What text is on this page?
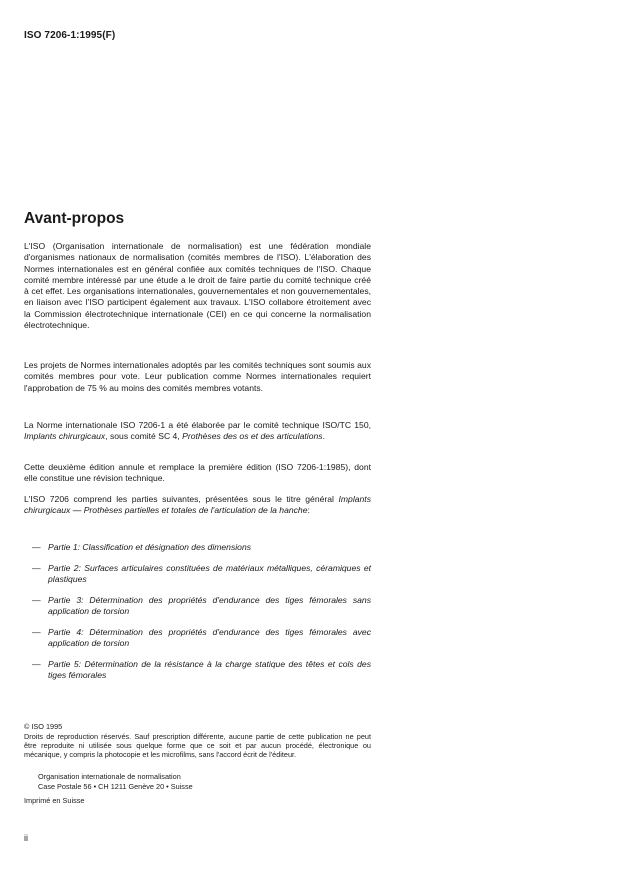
ISO 7206-1:1995(F)
Avant-propos

L'ISO (Organisation internationale de normalisation) est une fédération mondiale d'organismes nationaux de normalisation (comités membres de l'ISO). L'élaboration des Normes internationales est en général confiée aux comités techniques de l'ISO. Chaque comité membre intéressé par une étude a le droit de faire partie du comité technique créé à cet effet. Les organisations internationales, gouvernementales et non gouvernementales, en liaison avec l'ISO participent également aux travaux. L'ISO collabore étroitement avec la Commission électrotechnique internationale (CEI) en ce qui concerne la normalisation électrotechnique.

Les projets de Normes internationales adoptés par les comités techniques sont soumis aux comités membres pour vote. Leur publication comme Normes internationales requiert l'approbation de 75 % au moins des comités membres votants.

La Norme internationale ISO 7206-1 a été élaborée par le comité technique ISO/TC 150, Implants chirurgicaux, sous comité SC 4, Prothèses des os et des articulations.

Cette deuxième édition annule et remplace la première édition (ISO 7206-1:1985), dont elle constitue une révision technique.

L'ISO 7206 comprend les parties suivantes, présentées sous le titre général Implants chirurgicaux — Prothèses partielles et totales de l'articulation de la hanche:

— Partie 1: Classification et désignation des dimensions
— Partie 2: Surfaces articulaires constituées de matériaux métalliques, céramiques et plastiques
— Partie 3: Détermination des propriétés d'endurance des tiges fémorales sans application de torsion
— Partie 4: Détermination des propriétés d'endurance des tiges fémorales avec application de torsion
— Partie 5: Détermination de la résistance à la charge statique des têtes et cols des tiges fémorales
© ISO 1995
Droits de reproduction réservés. Sauf prescription différente, aucune partie de cette publication ne peut être reproduite ni utilisée sous quelque forme que ce soit et par aucun procédé, électronique ou mécanique, y compris la photocopie et les microfilms, sans l'accord écrit de l'éditeur.
Organisation internationale de normalisation
Case Postale 56 • CH 1211 Genève 20 • Suisse
Imprimé en Suisse
ii
